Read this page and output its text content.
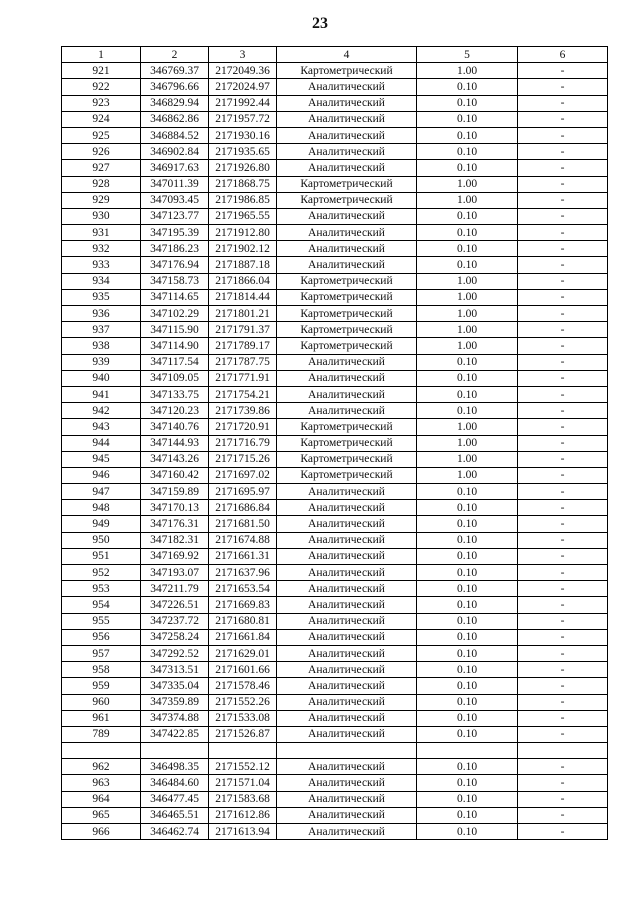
23
1	2	3	4	5	6
921	346769.37	2172049.36	Картометрический	1.00	-
922	346796.66	2172024.97	Аналитический	0.10	-
923	346829.94	2171992.44	Аналитический	0.10	-
924	346862.86	2171957.72	Аналитический	0.10	-
925	346884.52	2171930.16	Аналитический	0.10	-
926	346902.84	2171935.65	Аналитический	0.10	-
927	346917.63	2171926.80	Аналитический	0.10	-
928	347011.39	2171868.75	Картометрический	1.00	-
929	347093.45	2171986.85	Картометрический	1.00	-
930	347123.77	2171965.55	Аналитический	0.10	-
931	347195.39	2171912.80	Аналитический	0.10	-
932	347186.23	2171902.12	Аналитический	0.10	-
933	347176.94	2171887.18	Аналитический	0.10	-
934	347158.73	2171866.04	Картометрический	1.00	-
935	347114.65	2171814.44	Картометрический	1.00	-
936	347102.29	2171801.21	Картометрический	1.00	-
937	347115.90	2171791.37	Картометрический	1.00	-
938	347114.90	2171789.17	Картометрический	1.00	-
939	347117.54	2171787.75	Аналитический	0.10	-
940	347109.05	2171771.91	Аналитический	0.10	-
941	347133.75	2171754.21	Аналитический	0.10	-
942	347120.23	2171739.86	Аналитический	0.10	-
943	347140.76	2171720.91	Картометрический	1.00	-
944	347144.93	2171716.79	Картометрический	1.00	-
945	347143.26	2171715.26	Картометрический	1.00	-
946	347160.42	2171697.02	Картометрический	1.00	-
947	347159.89	2171695.97	Аналитический	0.10	-
948	347170.13	2171686.84	Аналитический	0.10	-
949	347176.31	2171681.50	Аналитический	0.10	-
950	347182.31	2171674.88	Аналитический	0.10	-
951	347169.92	2171661.31	Аналитический	0.10	-
952	347193.07	2171637.96	Аналитический	0.10	-
953	347211.79	2171653.54	Аналитический	0.10	-
954	347226.51	2171669.83	Аналитический	0.10	-
955	347237.72	2171680.81	Аналитический	0.10	-
956	347258.24	2171661.84	Аналитический	0.10	-
957	347292.52	2171629.01	Аналитический	0.10	-
958	347313.51	2171601.66	Аналитический	0.10	-
959	347335.04	2171578.46	Аналитический	0.10	-
960	347359.89	2171552.26	Аналитический	0.10	-
961	347374.88	2171533.08	Аналитический	0.10	-
789	347422.85	2171526.87	Аналитический	0.10	-

962	346498.35	2171552.12	Аналитический	0.10	-
963	346484.60	2171571.04	Аналитический	0.10	-
964	346477.45	2171583.68	Аналитический	0.10	-
965	346465.51	2171612.86	Аналитический	0.10	-
966	346462.74	2171613.94	Аналитический	0.10	-
